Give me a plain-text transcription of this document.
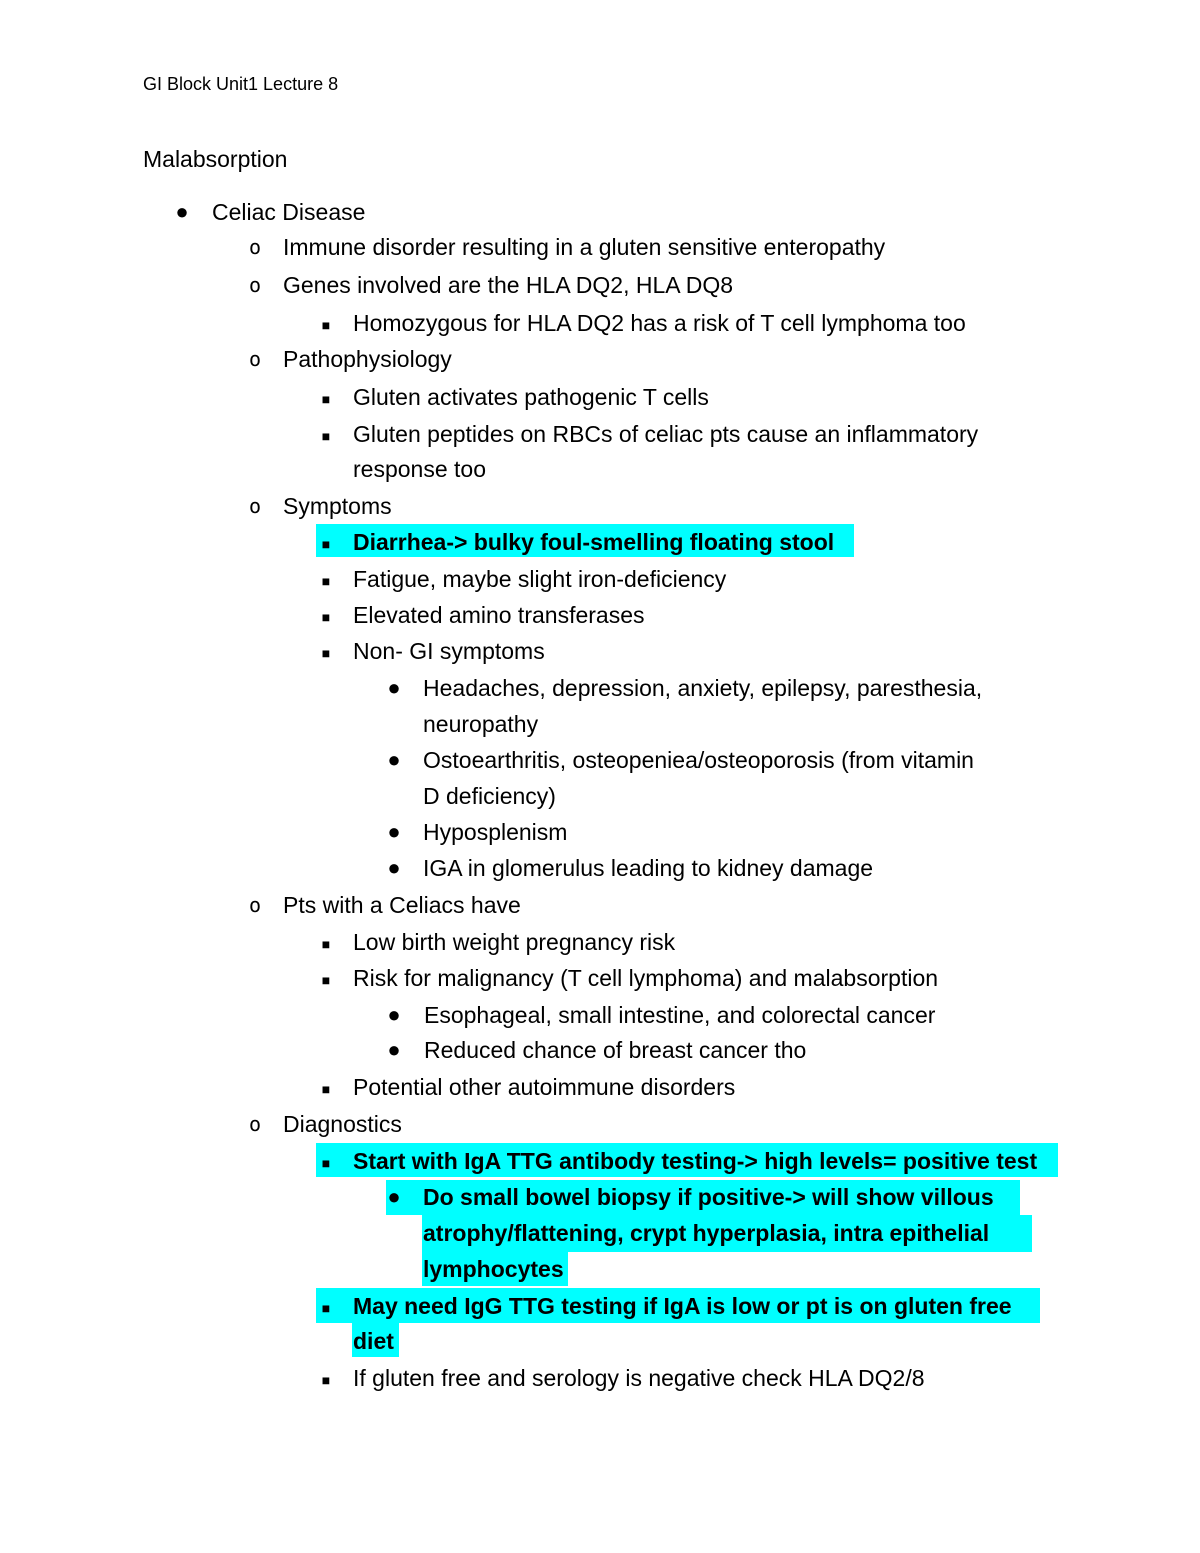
GI Block Unit1 Lecture 8
Malabsorption
● Celiac Disease
o Immune disorder resulting in a gluten sensitive enteropathy
o Genes involved are the HLA DQ2, HLA DQ8
■ Homozygous for HLA DQ2 has a risk of T cell lymphoma too
o Pathophysiology
■ Gluten activates pathogenic T cells
■ Gluten peptides on RBCs of celiac pts cause an inflammatory
response too
o Symptoms
■ Diarrhea-> bulky foul-smelling floating stool
■ Fatigue, maybe slight iron-deficiency
■ Elevated amino transferases
■ Non- GI symptoms
● Headaches, depression, anxiety, epilepsy, paresthesia,
neuropathy
● Ostoearthritis, osteopeniea/osteoporosis (from vitamin
D deficiency)
● Hyposplenism
● IGA in glomerulus leading to kidney damage
o Pts with a Celiacs have
■ Low birth weight pregnancy risk
■ Risk for malignancy (T cell lymphoma) and malabsorption
● Esophageal, small intestine, and colorectal cancer
● Reduced chance of breast cancer tho
■ Potential other autoimmune disorders
o Diagnostics
■ Start with IgA TTG antibody testing-> high levels= positive test
● Do small bowel biopsy if positive-> will show villous
atrophy/flattening, crypt hyperplasia, intra epithelial
lymphocytes
■ May need IgG TTG testing if IgA is low or pt is on gluten free
diet
■ If gluten free and serology is negative check HLA DQ2/8
